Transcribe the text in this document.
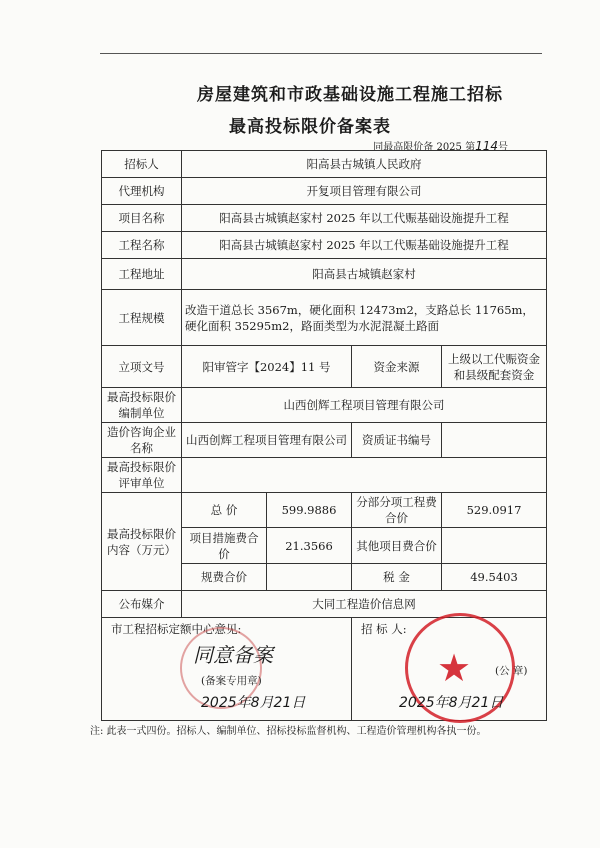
房屋建筑和市政基础设施工程施工招标
最高投标限价备案表
同最高限价备 2025 第114号
招标人	阳高县古城镇人民政府			
代理机构	开复项目管理有限公司			
项目名称	阳高县古城镇赵家村 2025 年以工代赈基础设施提升工程			
工程名称	阳高县古城镇赵家村 2025 年以工代赈基础设施提升工程			
工程地址	阳高县古城镇赵家村			
工程规模	改造干道总长 3567m，硬化面积 12473m2，支路总长 11765m，硬化面积 35295m2，路面类型为水泥混凝土路面			
立项文号	阳审管字【2024】11 号		资金来源	上级以工代赈资金和县级配套资金
最高投标限价编制单位	山西创辉工程项目管理有限公司			
造价咨询企业名称	山西创辉工程项目管理有限公司		资质证书编号	
最高投标限价评审单位				
最高投标限价内容（万元）	总 价	599.9886	分部分项工程费合价	529.0917
	项目措施费合 价	21.3566	其他项目费合价	
	规费合价		税 金	49.5403
公布媒介	大同工程造价信息网			

市工程招标定额中心意见:
同意备案
(备案专用章)
2025年8月21日			招 标 人:
★ (公 章)
2025年8月21日	
注: 此表一式四份。招标人、编制单位、招标投标监督机构、工程造价管理机构各执一份。
